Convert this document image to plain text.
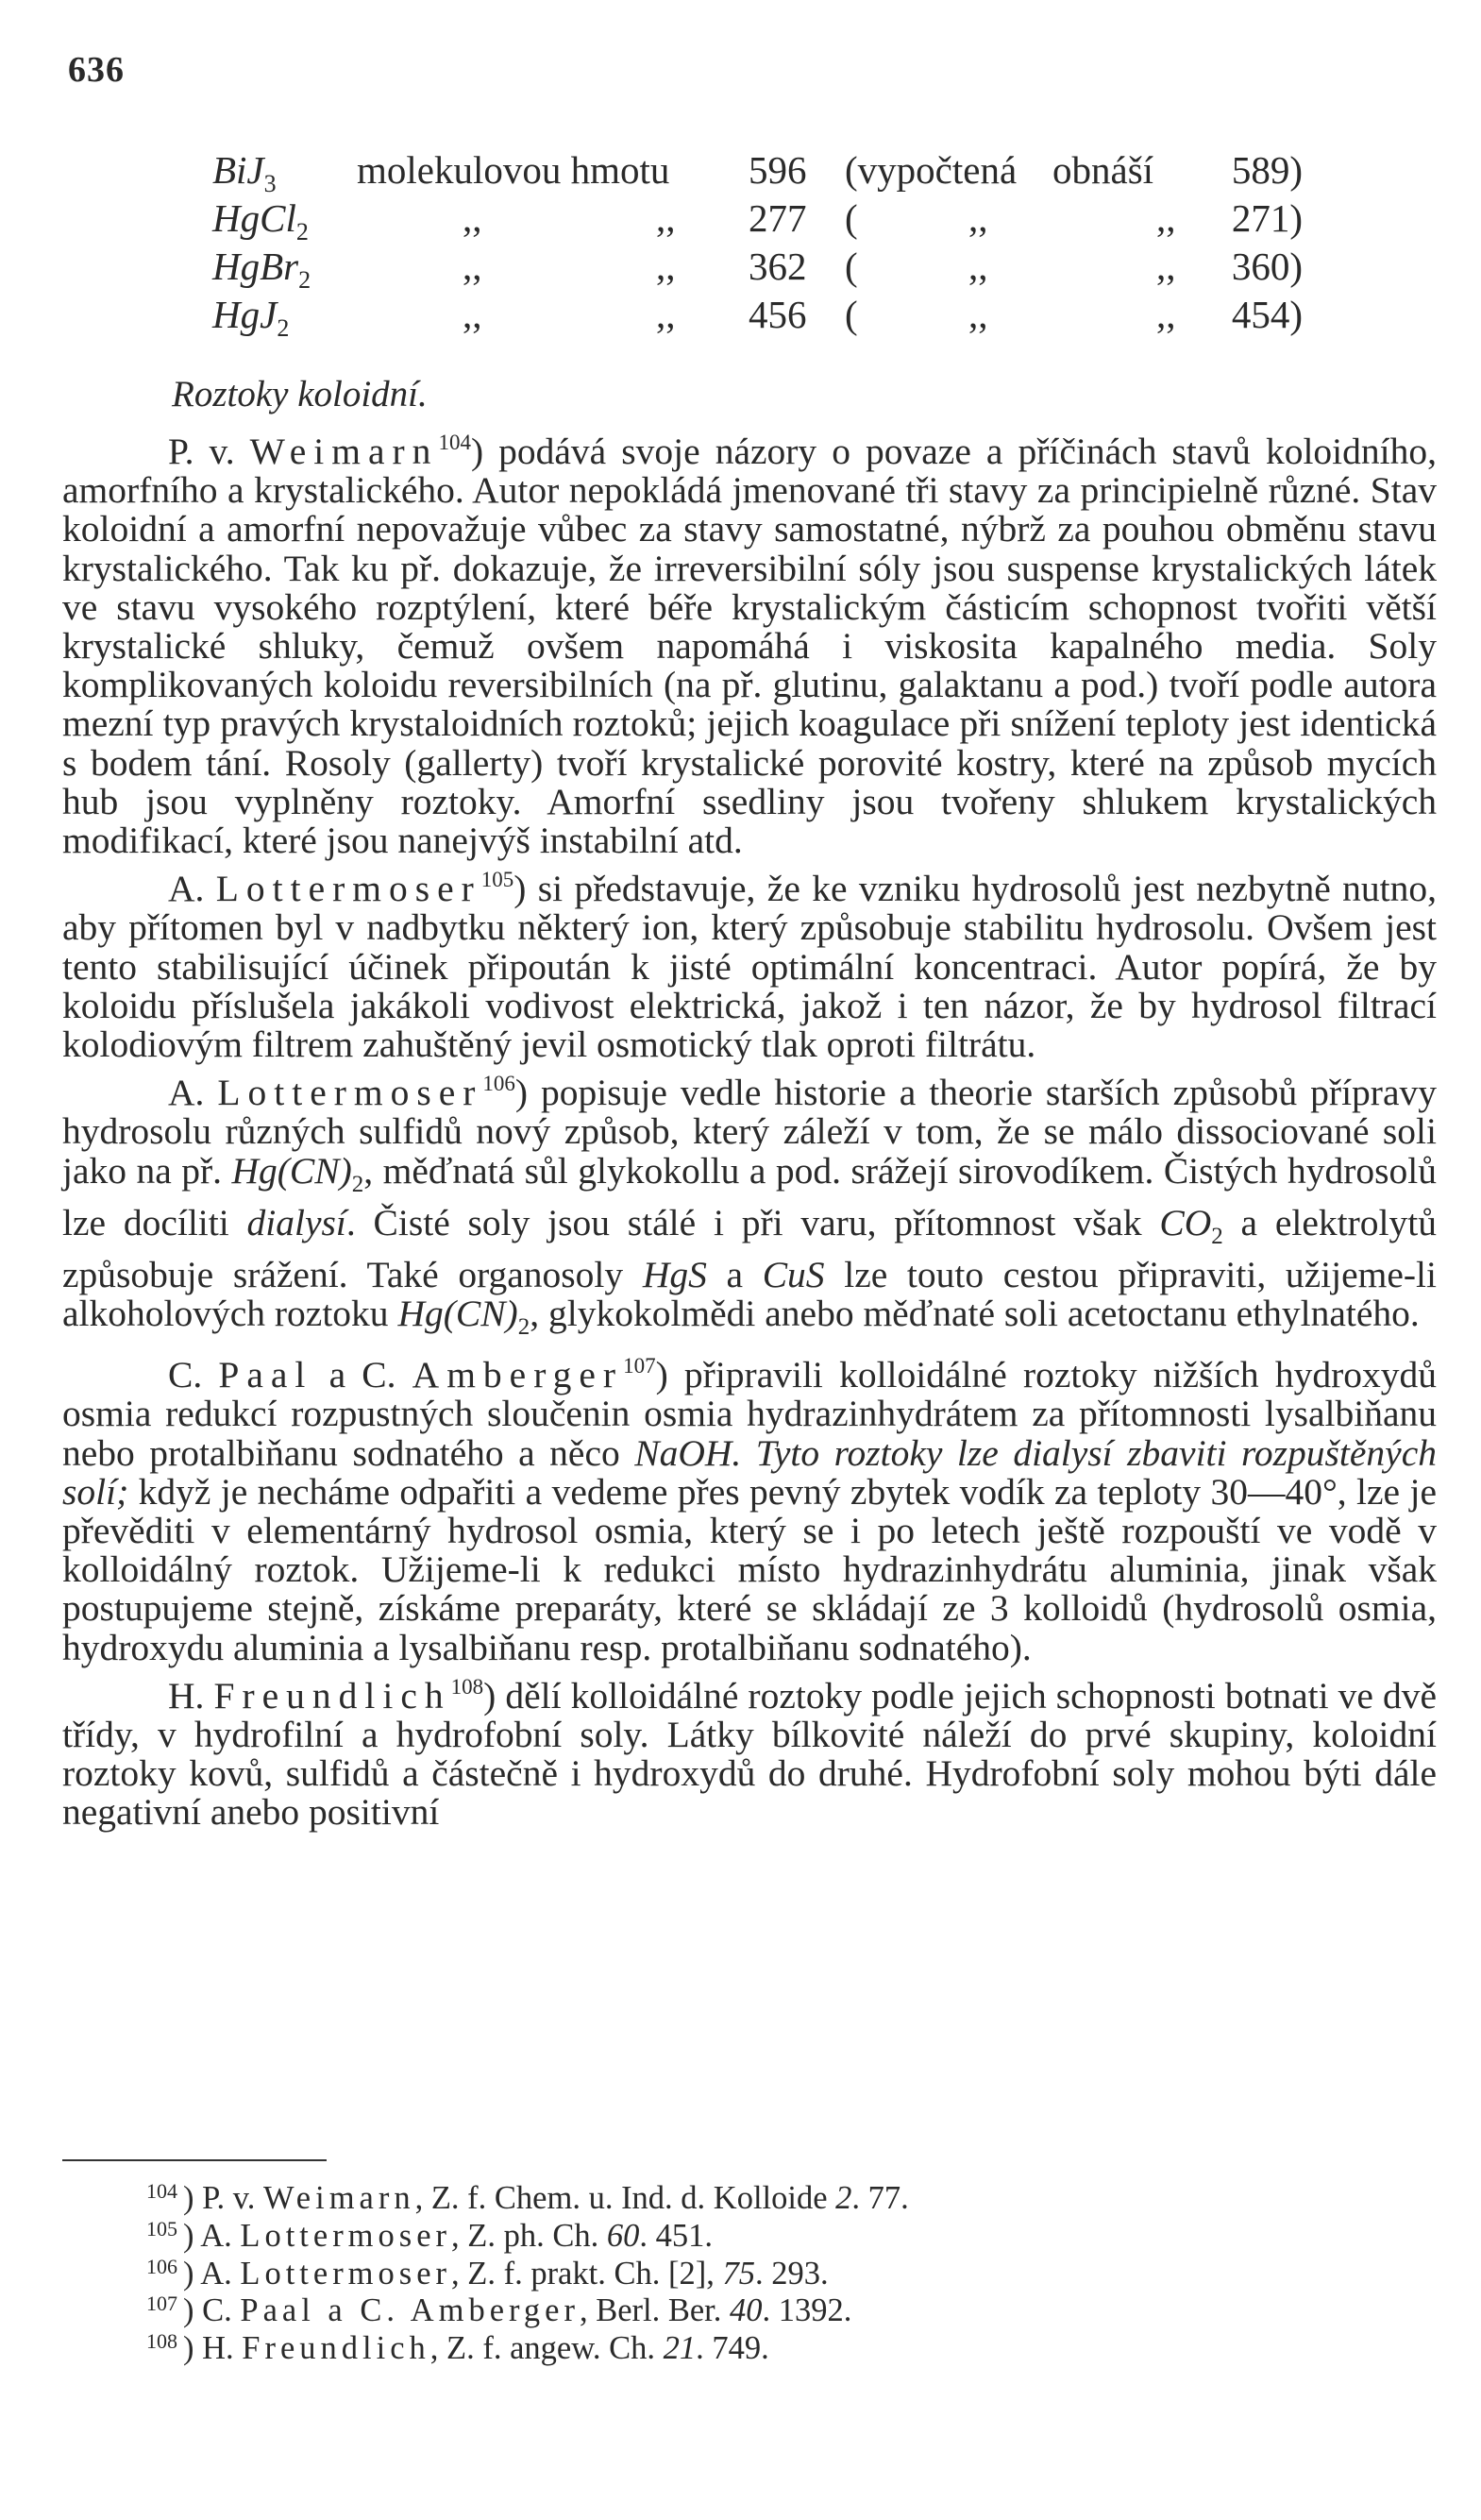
636
BiJ$_3$ molekulovou hmotu 596 (vypočtená obnáší 589)
HgCl$_2$	,,	,, 277 (	,,	,, 271)
HgBr$_2$	,,	,, 362 (	,,	,, 360)
HgJ$_2$	,,	,, 456 (	,,	,, 454)
Roztoky koloidní.

P. v. Weimarn$^{104}$) podává svoje názory o povaze a příčinách stavů koloidního, amorfního a krystalického. Autor nepokládá jmenované tři stavy za principielně různé. Stav koloidní a amorfní nepovažuje vůbec za stavy samostatné, nýbrž za pouhou obměnu stavu krystalického. Tak ku př. dokazuje, že irreversibilní sóly jsou suspense krystalických látek ve stavu vysokého rozptýlení, které béře krystalickým částicím schopnost tvořiti větší krystalické shluky, čemuž ovšem napomáhá i viskosita kapalného media. Soly komplikovaných koloidu reversibilních (na př. glutinu, galaktanu a pod.) tvoří podle autora mezní typ pravých krystaloidních roztoků; jejich koagulace při snížení teploty jest identická s bodem tání. Rosoly (gallerty) tvoří krystalické porovité kostry, které na způsob mycích hub jsou vyplněny roztoky. Amorfní ssedliny jsou tvořeny shlukem krystalických modifikací, které jsou nanejvýš instabilní atd.

A. Lottermoser$^{105}$) si představuje, že ke vzniku hydrosolů jest nezbytně nutno, aby přítomen byl v nadbytku některý ion, který způsobuje stabilitu hydrosolu. Ovšem jest tento stabilisující účinek připoután k jisté optimální koncentraci. Autor popírá, že by koloidu příslušela jakákoli vodivost elektrická, jakož i ten názor, že by hydrosol filtrací kolodiovým filtrem zahuštěný jevil osmotický tlak oproti filtrátu.

A. Lottermoser$^{106}$) popisuje vedle historie a theorie starších způsobů přípravy hydrosolu různých sulfidů nový způsob, který záleží v tom, že se málo dissociované soli jako na př. $Hg(CN)_2$, měďnatá sůl glykokollu a pod. srážejí sirovodíkem. Čistých hydrosolů lze docíliti dialysí. Čisté soly jsou stálé i při varu, přítomnost však $CO_2$ a elektrolytů způsobuje srážení. Také organosoly HgS a CuS lze touto cestou připraviti, užijeme-li alkoholových roztoku $Hg(CN)_2$, glykokolmědi anebo měďnaté soli acetoctanu ethylnatého.

C. Paal a C. Amberger$^{107}$) připravili kolloidálné roztoky nižších hydroxydů osmia redukcí rozpustných sloučenin osmia hydrazinhydrátem za přítomnosti lysalbiňanu nebo protalbiňanu sodnatého a něco NaOH. Tyto roztoky lze dialysí zbaviti rozpuštěných solí; když je necháme odpařiti a vedeme přes pevný zbytek vodík za teploty 30—40°, lze je převěditi v elementárný hydrosol osmia, který se i po letech ještě rozpouští ve vodě v kolloidálný roztok. Užijeme-li k redukci místo hydrazinhydrátu aluminia, jinak však postupujeme stejně, získáme preparáty, které se skládají ze 3 kolloidů (hydrosolů osmia, hydroxydu aluminia a lysalbiňanu resp. protalbiňanu sodnatého).

H. Freundlich$^{108}$) dělí kolloidálné roztoky podle jejich schopnosti botnati ve dvě třídy, v hydrofilní a hydrofobní soly. Látky bílkovité náleží do prvé skupiny, koloidní roztoky kovů, sulfidů a částečně i hydroxydů do druhé. Hydrofobní soly mohou býti dále negativní anebo positivní

$^{104}$ ) P. v. Weimarn, Z. f. Chem. u. Ind. d. Kolloide 2. 77.
$^{105}$ ) A. Lottermoser, Z. ph. Ch. 60. 451.
$^{106}$ ) A. Lottermoser, Z. f. prakt. Ch. [2], 75. 293.
$^{107}$ ) C. Paal a C. Amberger, Berl. Ber. 40. 1392.
$^{108}$ ) H. Freundlich, Z. f. angew. Ch. 21. 749.
